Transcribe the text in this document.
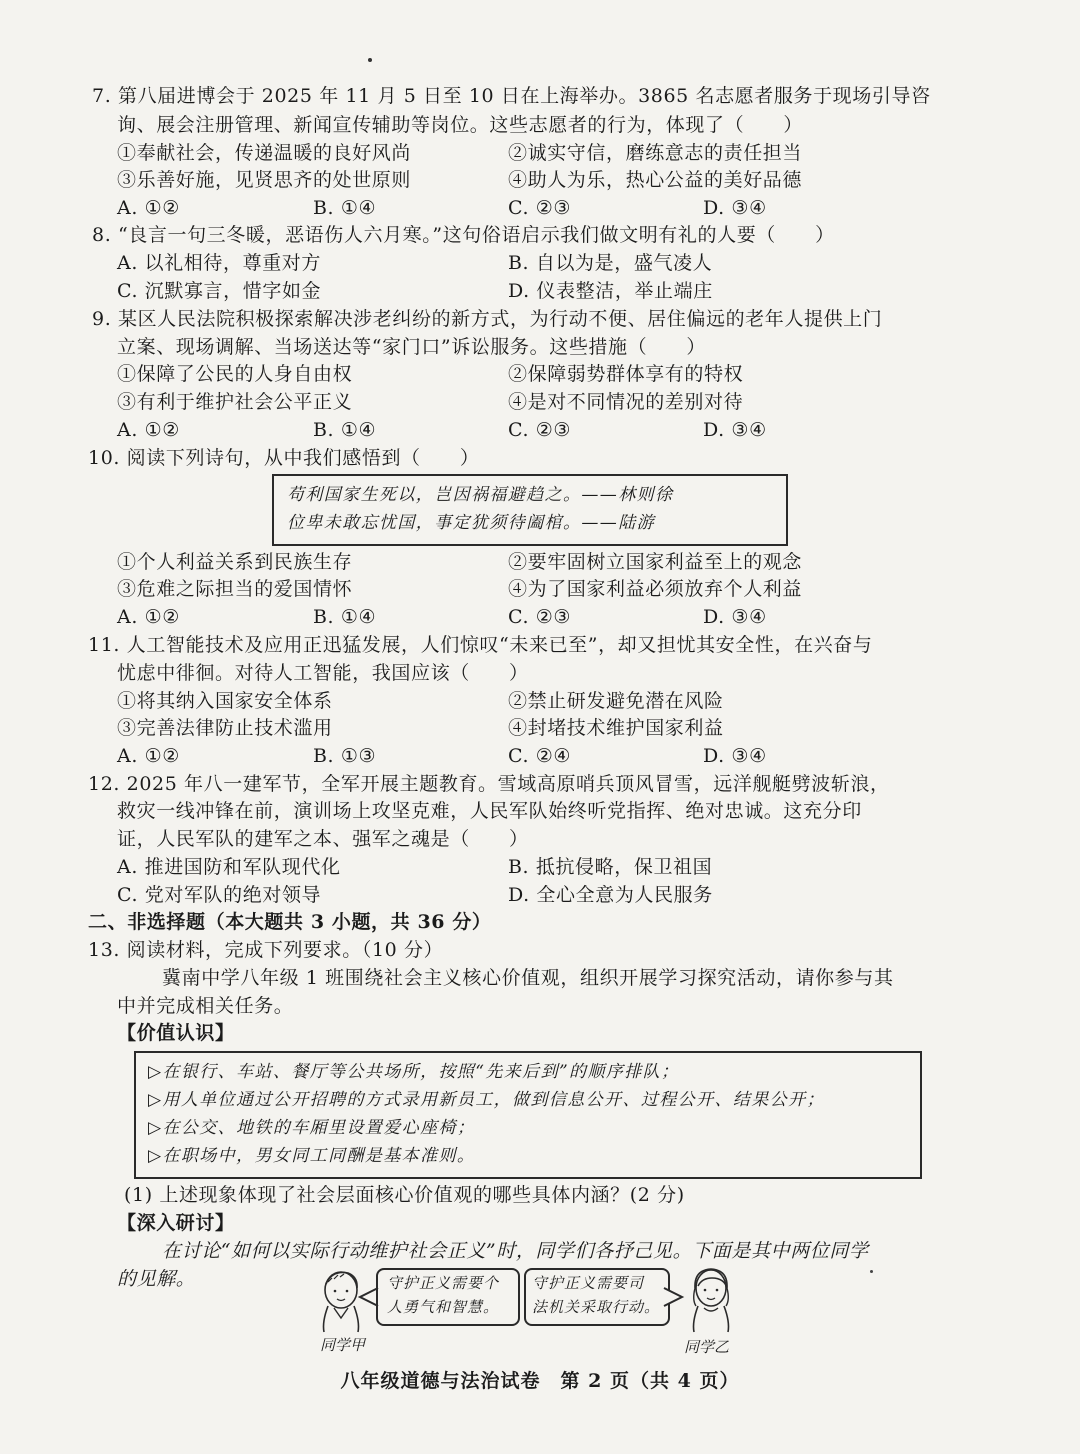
7. 第八届进博会于 2025 年 11 月 5 日至 10 日在上海举办。3865 名志愿者服务于现场引导咨
询、展会注册管理、新闻宣传辅助等岗位。这些志愿者的行为，体现了（　　）
①奉献社会，传递温暖的良好风尚	②诚实守信，磨练意志的责任担当
③乐善好施，见贤思齐的处世原则	④助人为乐，热心公益的美好品德
A. ①②	B. ①④	C. ②③	D. ③④
8. “良言一句三冬暖，恶语伤人六月寒。”这句俗语启示我们做文明有礼的人要（　　）
A. 以礼相待，尊重对方	B. 自以为是，盛气凌人
C. 沉默寡言，惜字如金	D. 仪表整洁，举止端庄
9. 某区人民法院积极探索解决涉老纠纷的新方式，为行动不便、居住偏远的老年人提供上门
立案、现场调解、当场送达等“家门口”诉讼服务。这些措施（　　）
①保障了公民的人身自由权	②保障弱势群体享有的特权
③有利于维护社会公平正义	④是对不同情况的差别对待
A. ①②	B. ①④	C. ②③	D. ③④
10. 阅读下列诗句，从中我们感悟到（　　）
苟利国家生死以，岂因祸福避趋之。——林则徐
位卑未敢忘忧国，事定犹须待阖棺。——陆游
①个人利益关系到民族生存	②要牢固树立国家利益至上的观念
③危难之际担当的爱国情怀	④为了国家利益必须放弃个人利益
A. ①②	B. ①④	C. ②③	D. ③④
11. 人工智能技术及应用正迅猛发展，人们惊叹“未来已至”，却又担忧其安全性，在兴奋与
忧虑中徘徊。对待人工智能，我国应该（　　）
①将其纳入国家安全体系	②禁止研发避免潜在风险
③完善法律防止技术滥用	④封堵技术维护国家利益
A. ①②	B. ①③	C. ②④	D. ③④
12. 2025 年八一建军节，全军开展主题教育。雪域高原哨兵顶风冒雪，远洋舰艇劈波斩浪，
救灾一线冲锋在前，演训场上攻坚克难，人民军队始终听党指挥、绝对忠诚。这充分印
证，人民军队的建军之本、强军之魂是（　　）
A. 推进国防和军队现代化	B. 抵抗侵略，保卫祖国
C. 党对军队的绝对领导	D. 全心全意为人民服务
二、非选择题（本大题共 3 小题，共 36 分）
13. 阅读材料，完成下列要求。（10 分）
冀南中学八年级 1 班围绕社会主义核心价值观，组织开展学习探究活动，请你参与其
中并完成相关任务。
【价值认识】
▷在银行、车站、餐厅等公共场所，按照“先来后到”的顺序排队；
▷用人单位通过公开招聘的方式录用新员工，做到信息公开、过程公开、结果公开；
▷在公交、地铁的车厢里设置爱心座椅；
▷在职场中，男女同工同酬是基本准则。
(1) 上述现象体现了社会层面核心价值观的哪些具体内涵？(2 分)
【深入研讨】
在讨论“如何以实际行动维护社会正义”时，同学们各抒己见。下面是其中两位同学
的见解。
同学甲
守护正义需要个
人勇气和智慧。
守护正义需要司
法机关采取行动。
同学乙
八年级道德与法治试卷　第 2 页（共 4 页）
